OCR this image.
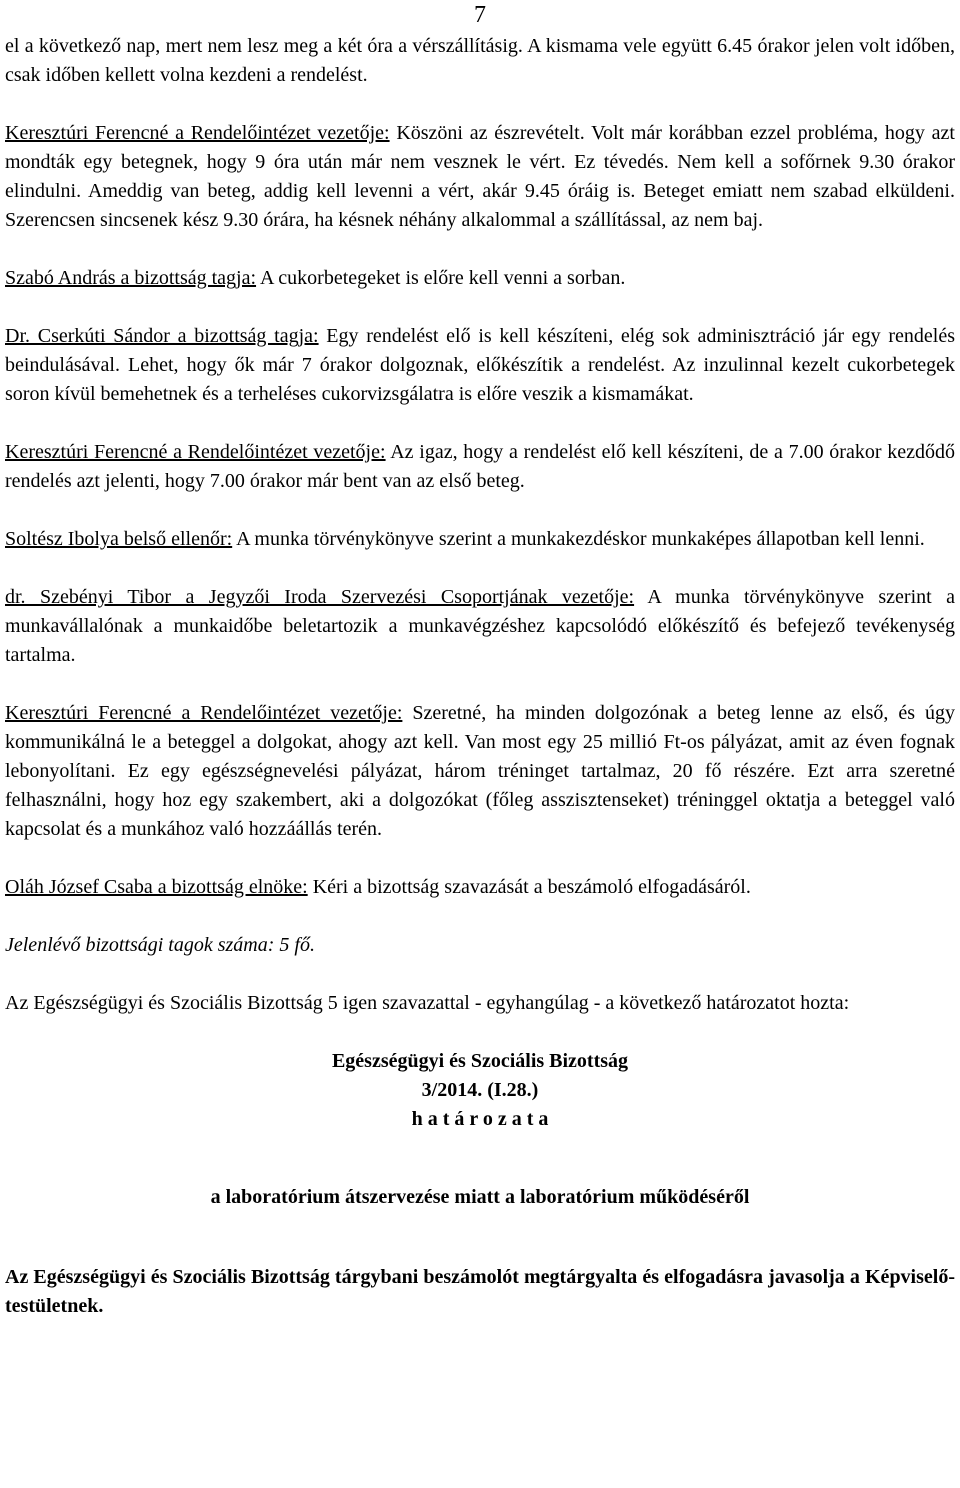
7

el a következő nap, mert nem lesz meg a két óra a vérszállításig. A kismama vele együtt 6.45 órakor jelen volt időben, csak időben kellett volna kezdeni a rendelést.

Keresztúri Ferencné a Rendelőintézet vezetője: Köszöni az észrevételt. Volt már korábban ezzel probléma, hogy azt mondták egy betegnek, hogy 9 óra után már nem vesznek le vért. Ez tévedés. Nem kell a sofőrnek 9.30 órakor elindulni. Ameddig van beteg, addig kell levenni a vért, akár 9.45 óráig is. Beteget emiatt nem szabad elküldeni. Szerencsen sincsenek kész 9.30 órára, ha késnek néhány alkalommal a szállítással, az nem baj.

Szabó András a bizottság tagja: A cukorbetegeket is előre kell venni a sorban.

Dr. Cserkúti Sándor a bizottság tagja: Egy rendelést elő is kell készíteni, elég sok adminisztráció jár egy rendelés beindulásával. Lehet, hogy ők már 7 órakor dolgoznak, előkészítik a rendelést. Az inzulinnal kezelt cukorbetegek soron kívül bemehetnek és a terheléses cukorvizsgálatra is előre veszik a kismamákat.

Keresztúri Ferencné a Rendelőintézet vezetője: Az igaz, hogy a rendelést elő kell készíteni, de a 7.00 órakor kezdődő rendelés azt jelenti, hogy 7.00 órakor már bent van az első beteg.

Soltész Ibolya belső ellenőr: A munka törvénykönyve szerint a munkakezdéskor munkaképes állapotban kell lenni.

dr. Szebényi Tibor a Jegyzői Iroda Szervezési Csoportjának vezetője: A munka törvénykönyve szerint a munkavállalónak a munkaidőbe beletartozik a munkavégzéshez kapcsolódó előkészítő és befejező tevékenység tartalma.

Keresztúri Ferencné a Rendelőintézet vezetője: Szeretné, ha minden dolgozónak a beteg lenne az első, és úgy kommunikálná le a beteggel a dolgokat, ahogy azt kell. Van most egy 25 millió Ft-os pályázat, amit az éven fognak lebonyolítani. Ez egy egészségnevelési pályázat, három tréninget tartalmaz, 20 fő részére. Ezt arra szeretné felhasználni, hogy hoz egy szakembert, aki a dolgozókat (főleg asszisztenseket) tréninggel oktatja a beteggel való kapcsolat és a munkához való hozzáállás terén.

Oláh József Csaba a bizottság elnöke: Kéri a bizottság szavazását a beszámoló elfogadásáról.

Jelenlévő bizottsági tagok száma: 5 fő.

Az Egészségügyi és Szociális Bizottság 5 igen szavazattal - egyhangúlag - a következő határozatot hozta:

Egészségügyi és Szociális Bizottság
3/2014. (I.28.)
h a t á r o z a t a
a laboratórium átszervezése miatt a laboratórium működéséről

Az Egészségügyi és Szociális Bizottság tárgybani beszámolót megtárgyalta és elfogadásra javasolja a Képviselő-testületnek.
